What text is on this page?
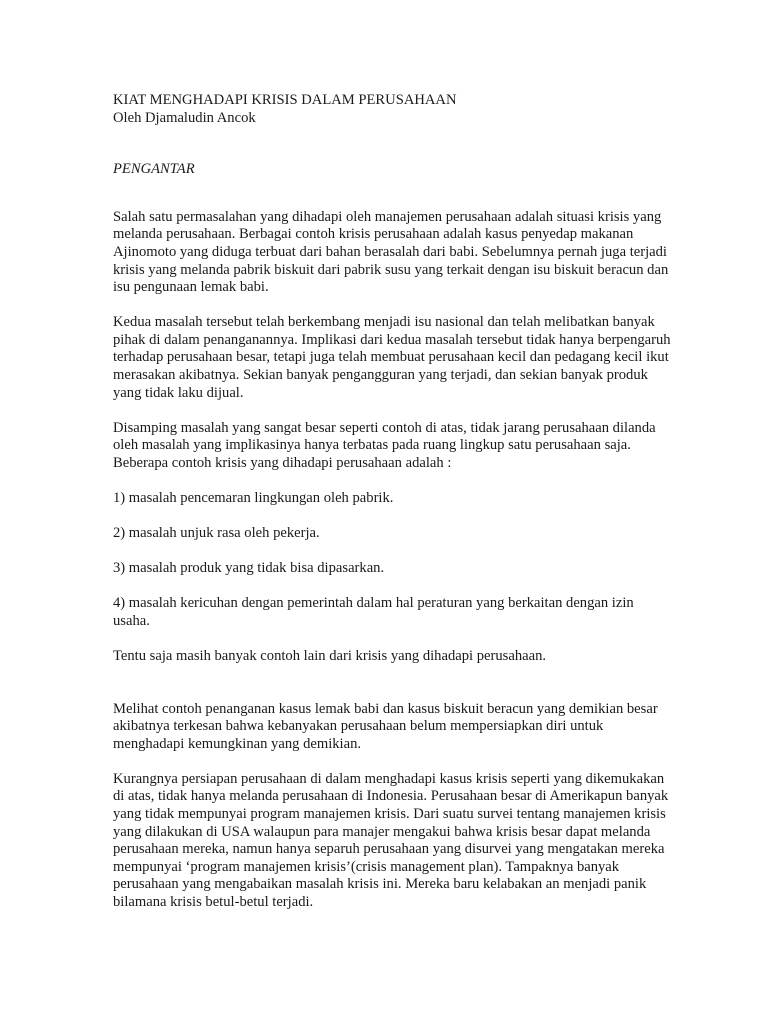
KIAT MENGHADAPI KRISIS DALAM PERUSAHAAN

Oleh Djamaludin Ancok

PENGANTAR

Salah satu permasalahan yang dihadapi oleh manajemen perusahaan adalah situasi krisis yang melanda perusahaan. Berbagai contoh krisis perusahaan adalah kasus penyedap makanan Ajinomoto yang diduga terbuat dari bahan berasalah dari babi. Sebelumnya pernah juga terjadi krisis yang melanda pabrik biskuit dari pabrik susu yang terkait dengan isu biskuit beracun dan isu pengunaan lemak babi.

Kedua masalah tersebut telah berkembang menjadi isu nasional dan telah melibatkan banyak pihak di dalam penanganannya. Implikasi dari kedua masalah tersebut tidak hanya berpengaruh terhadap perusahaan besar, tetapi juga telah membuat perusahaan kecil dan pedagang kecil ikut merasakan akibatnya. Sekian banyak pengangguran yang terjadi, dan sekian banyak produk yang tidak laku dijual.

Disamping masalah yang sangat besar seperti contoh di atas, tidak jarang perusahaan dilanda oleh masalah yang implikasinya hanya terbatas pada ruang lingkup satu perusahaan saja. Beberapa contoh krisis yang dihadapi perusahaan adalah :

1) masalah pencemaran lingkungan oleh pabrik.

2) masalah unjuk rasa oleh pekerja.

3) masalah produk yang tidak bisa dipasarkan.

4) masalah kericuhan dengan pemerintah dalam hal peraturan yang berkaitan dengan izin usaha.

Tentu saja masih banyak contoh lain dari krisis yang dihadapi perusahaan.

Melihat contoh penanganan kasus lemak babi dan kasus biskuit beracun yang demikian besar akibatnya terkesan bahwa kebanyakan perusahaan belum mempersiapkan diri untuk menghadapi kemungkinan yang demikian.

Kurangnya persiapan perusahaan di dalam menghadapi kasus krisis seperti yang dikemukakan di atas, tidak hanya melanda perusahaan di Indonesia. Perusahaan besar di Amerikapun banyak yang tidak mempunyai program manajemen krisis. Dari suatu survei tentang manajemen krisis yang dilakukan di USA walaupun para manajer mengakui bahwa krisis besar dapat melanda perusahaan mereka, namun hanya separuh perusahaan yang disurvei yang mengatakan mereka mempunyai ‘program manajemen krisis’(crisis management plan). Tampaknya banyak perusahaan yang mengabaikan masalah krisis ini. Mereka baru kelabakan an menjadi panik bilamana krisis betul-betul terjadi.
